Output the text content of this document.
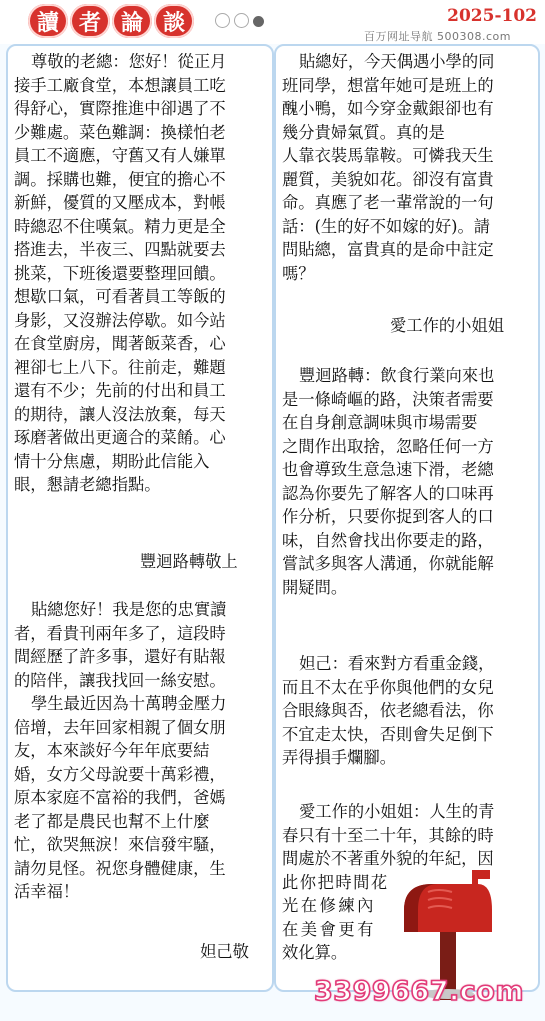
讀 者 論 談	2025-102
百万网址导航 500308.com
尊敬的老總：您好！從正月
接手工廠食堂，本想讓員工吃
得舒心，實際推進中卻遇了不
少難處。菜色難調：換樣怕老
員工不適應，守舊又有人嫌單
調。採購也難，便宜的擔心不
新鮮，優質的又壓成本，對帳
時總忍不住嘆氣。精力更是全
搭進去，半夜三、四點就要去
挑菜，下班後還要整理回饋。
想歇口氣，可看著員工等飯的
身影，又沒辦法停歇。如今站
在食堂廚房，聞著飯菜香，心
裡卻七上八下。往前走，難題
還有不少；先前的付出和員工
的期待，讓人沒法放棄，每天
琢磨著做出更適合的菜餚。心
情十分焦慮，期盼此信能入
眼，懇請老總指點。
豐迴路轉敬上
貼總您好！我是您的忠實讀
者，看貴刊兩年多了，這段時
間經歷了許多事，還好有貼報
的陪伴，讓我找回一絲安慰。
學生最近因為十萬聘金壓力
倍增，去年回家相親了個女朋
友，本來談好今年年底要結
婚，女方父母說要十萬彩禮，
原本家庭不富裕的我們，爸媽
老了都是農民也幫不上什麼
忙，欲哭無淚！來信發牢騷，
請勿見怪。祝您身體健康，生
活幸福！
妲己敬
貼總好，今天偶遇小學的同
班同學，想當年她可是班上的
醜小鴨，如今穿金戴銀卻也有
幾分貴婦氣質。真的是
人靠衣裝馬靠鞍。可憐我天生
麗質，美貌如花。卻沒有富貴
命。真應了老一輩常說的一句
話：(生的好不如嫁的好)。請
問貼總，富貴真的是命中註定
嗎？
愛工作的小姐姐
豐迴路轉：飲食行業向來也
是一條崎嶇的路，決策者需要
在自身創意調味與市場需要
之間作出取捨，忽略任何一方
也會導致生意急速下滑，老總
認為你要先了解客人的口味再
作分析，只要你捉到客人的口
味，自然會找出你要走的路，
嘗試多與客人溝通，你就能解
開疑問。
妲己：看來對方看重金錢，
而且不太在乎你與他們的女兒
合眼緣與否，依老總看法，你
不宜走太快，否則會失足倒下
弄得損手爛腳。
愛工作的小姐姐：人生的青
春只有十至二十年，其餘的時
間處於不著重外貌的年紀，因
此你把時間花
光在修練內
在美會更有
效化算。
3399667.com
